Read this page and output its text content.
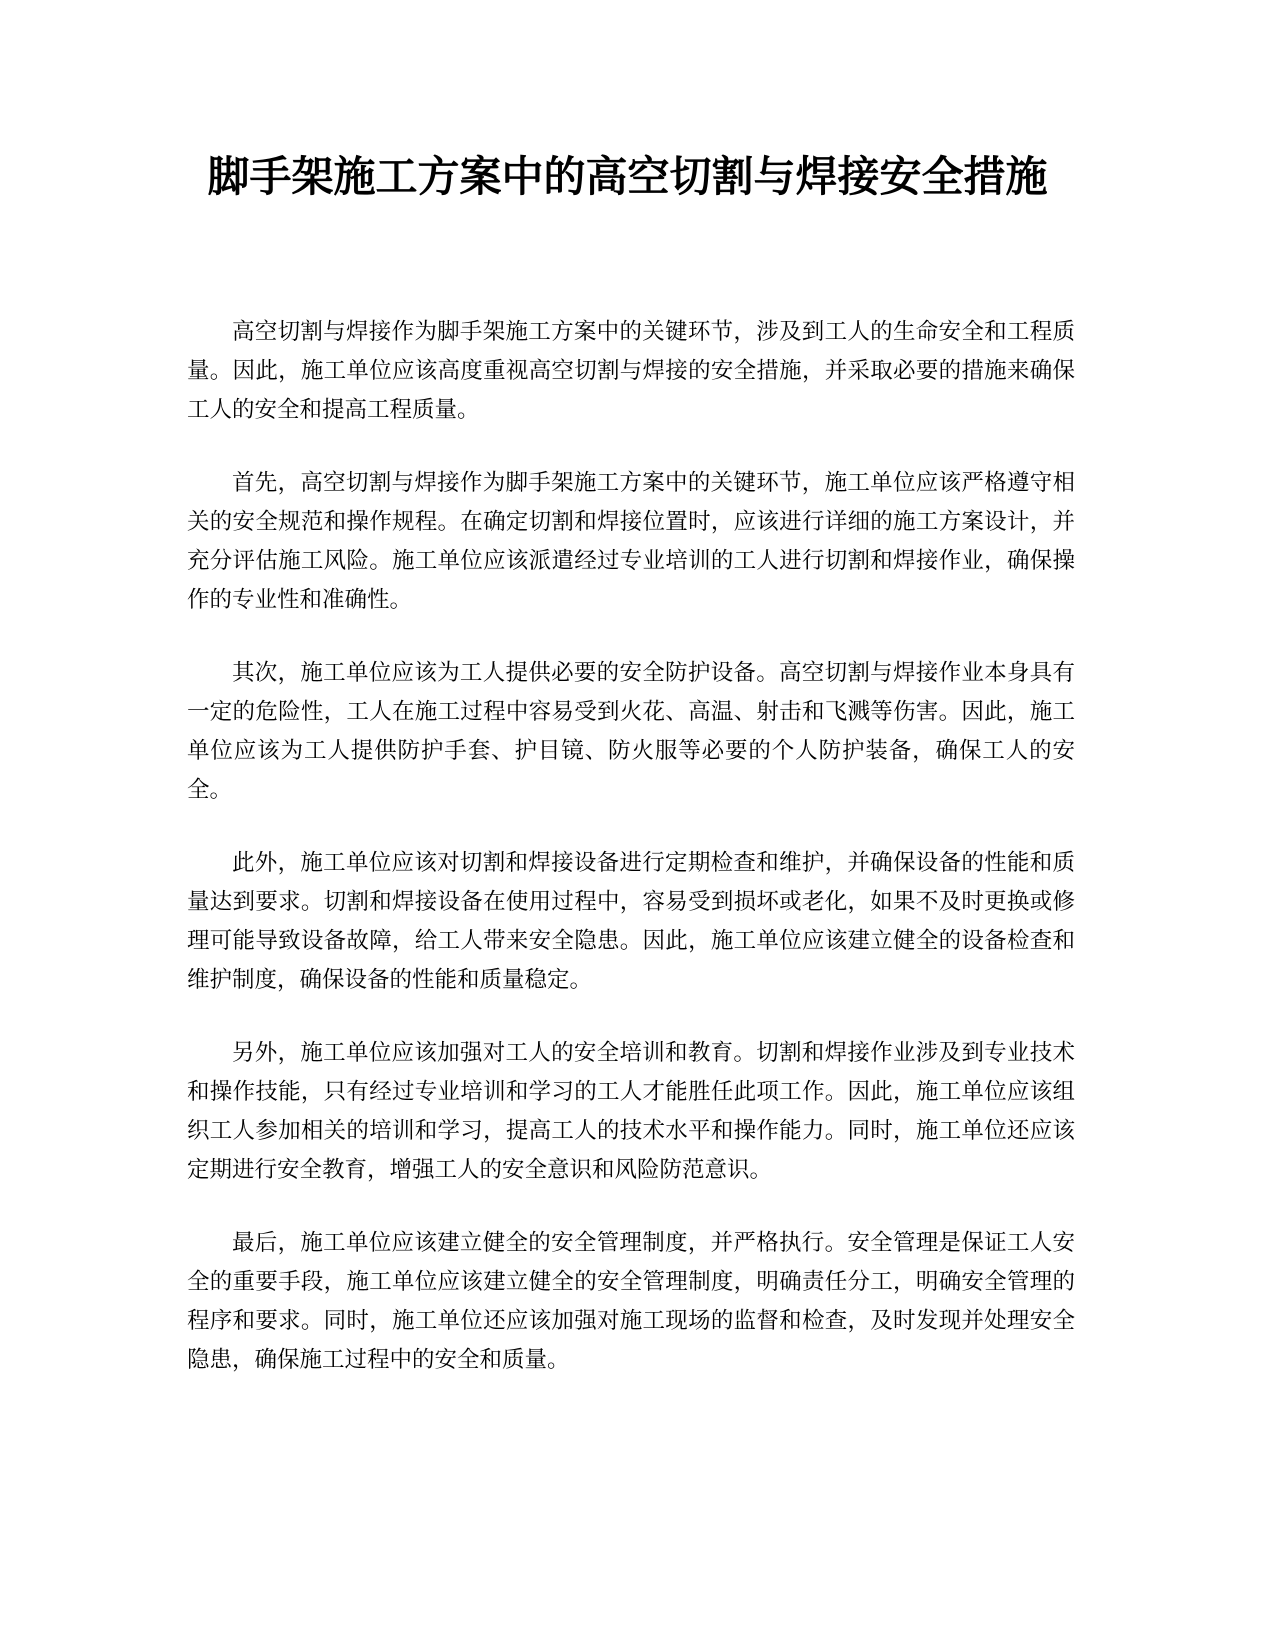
脚手架施工方案中的高空切割与焊接安全措施

高空切割与焊接作为脚手架施工方案中的关键环节，涉及到工人的生命安全和工程质量。因此，施工单位应该高度重视高空切割与焊接的安全措施，并采取必要的措施来确保工人的安全和提高工程质量。

首先，高空切割与焊接作为脚手架施工方案中的关键环节，施工单位应该严格遵守相关的安全规范和操作规程。在确定切割和焊接位置时，应该进行详细的施工方案设计，并充分评估施工风险。施工单位应该派遣经过专业培训的工人进行切割和焊接作业，确保操作的专业性和准确性。

其次，施工单位应该为工人提供必要的安全防护设备。高空切割与焊接作业本身具有一定的危险性，工人在施工过程中容易受到火花、高温、射击和飞溅等伤害。因此，施工单位应该为工人提供防护手套、护目镜、防火服等必要的个人防护装备，确保工人的安全。

此外，施工单位应该对切割和焊接设备进行定期检查和维护，并确保设备的性能和质量达到要求。切割和焊接设备在使用过程中，容易受到损坏或老化，如果不及时更换或修理可能导致设备故障，给工人带来安全隐患。因此，施工单位应该建立健全的设备检查和维护制度，确保设备的性能和质量稳定。

另外，施工单位应该加强对工人的安全培训和教育。切割和焊接作业涉及到专业技术和操作技能，只有经过专业培训和学习的工人才能胜任此项工作。因此，施工单位应该组织工人参加相关的培训和学习，提高工人的技术水平和操作能力。同时，施工单位还应该定期进行安全教育，增强工人的安全意识和风险防范意识。

最后，施工单位应该建立健全的安全管理制度，并严格执行。安全管理是保证工人安全的重要手段，施工单位应该建立健全的安全管理制度，明确责任分工，明确安全管理的程序和要求。同时，施工单位还应该加强对施工现场的监督和检查，及时发现并处理安全隐患，确保施工过程中的安全和质量。
